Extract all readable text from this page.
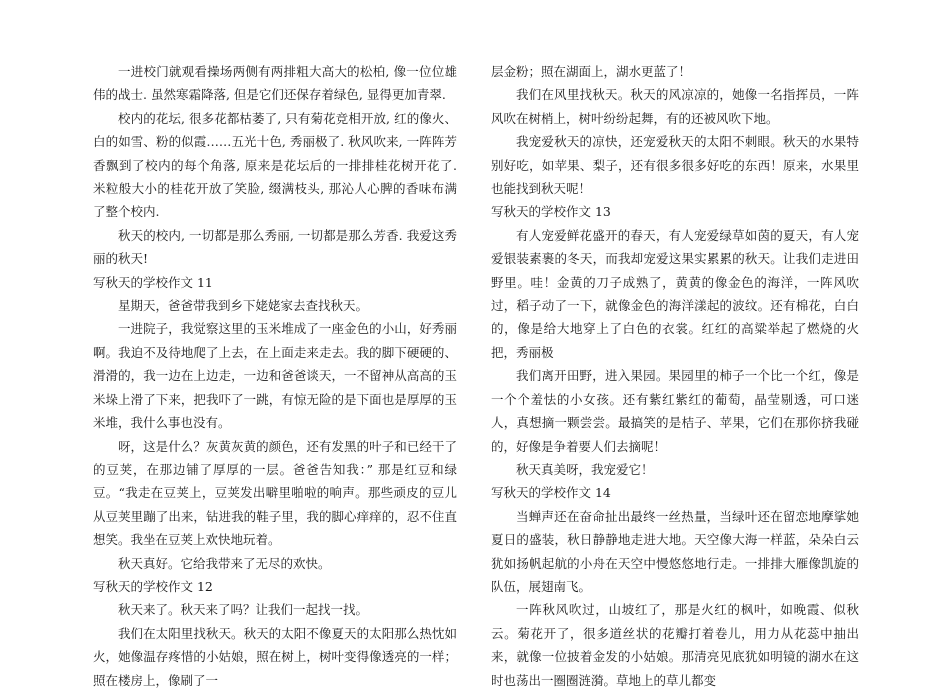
一进校门就观看操场两侧有两排粗大高大的松柏, 像一位位雄伟的战士. 虽然寒霜降落, 但是它们还保存着绿色, 显得更加青翠.

校内的花坛, 很多花都枯萎了, 只有菊花竞相开放, 红的像火、白的如雪、粉的似霞……五光十色, 秀丽极了. 秋风吹来, 一阵阵芳香飘到了校内的每个角落, 原来是花坛后的一排排桂花树开花了. 米粒般大小的桂花开放了笑脸, 缀满枝头, 那沁人心脾的香味布满了整个校内.

秋天的校内, 一切都是那么秀丽, 一切都是那么芳香. 我爱这秀丽的秋天!

写秋天的学校作文 11

星期天，爸爸带我到乡下姥姥家去查找秋天。

一进院子，我觉察这里的玉米堆成了一座金色的小山，好秀丽啊。我迫不及待地爬了上去，在上面走来走去。我的脚下硬硬的、滑滑的，我一边在上边走，一边和爸爸谈天，一不留神从高高的玉米垛上滑了下来，把我吓了一跳，有惊无险的是下面也是厚厚的玉米堆，我什么事也没有。

呀，这是什么？灰黄灰黄的颜色，还有发黑的叶子和已经干了的豆荚，在那边铺了厚厚的一层。爸爸告知我：” 那是红豆和绿豆。“我走在豆荚上，豆荚发出噼里啪啦的响声。那些顽皮的豆儿从豆荚里蹦了出来，钻进我的鞋子里，我的脚心痒痒的，忍不住直想笑。我坐在豆荚上欢快地玩着。

秋天真好。它给我带来了无尽的欢快。

写秋天的学校作文 12

秋天来了。秋天来了吗？让我们一起找一找。

我们在太阳里找秋天。秋天的太阳不像夏天的太阳那么热忱如火，她像温存疼惜的小姑娘，照在树上，树叶变得像透亮的一样；照在楼房上，像刷了一

层金粉；照在湖面上，湖水更蓝了！

我们在风里找秋天。秋天的风凉凉的，她像一名指挥员，一阵风吹在树梢上，树叶纷纷起舞，有的还被风吹下地。

我宠爱秋天的凉快，还宠爱秋天的太阳不刺眼。秋天的水果特别好吃，如苹果、梨子，还有很多很多好吃的东西！原来，水果里也能找到秋天呢！

写秋天的学校作文 13

有人宠爱鲜花盛开的春天，有人宠爱绿草如茵的夏天，有人宠爱银装素裹的冬天，而我却宠爱这果实累累的秋天。让我们走进田野里。哇！金黄的刀子成熟了，黄黄的像金色的海洋，一阵风吹过，稻子动了一下，就像金色的海洋漾起的波纹。还有棉花，白白的，像是给大地穿上了白色的衣裳。红红的高粱举起了燃烧的火把，秀丽极

我们离开田野，进入果园。果园里的柿子一个比一个红，像是一个个羞怯的小女孩。还有紫红紫红的葡萄，晶莹剔透，可口迷人，真想摘一颗尝尝。最搞笑的是桔子、苹果，它们在那你挤我碰的，好像是争着要人们去摘呢！

秋天真美呀，我宠爱它！

写秋天的学校作文 14

当蝉声还在奋命扯出最终一丝热量，当绿叶还在留恋地摩挲她夏日的盛装，秋日静静地走进大地。天空像大海一样蓝，朵朵白云犹如扬帆起航的小舟在天空中慢悠悠地行走。一排排大雁像凯旋的队伍，展翅南飞。

一阵秋风吹过，山坡红了，那是火红的枫叶，如晚霞、似秋云。菊花开了，很多道丝状的花瓣打着卷儿，用力从花蕊中抽出来，就像一位披着金发的小姑娘。那清亮见底犹如明镜的湖水在这时也荡出一圈圈涟漪。草地上的草儿都变
